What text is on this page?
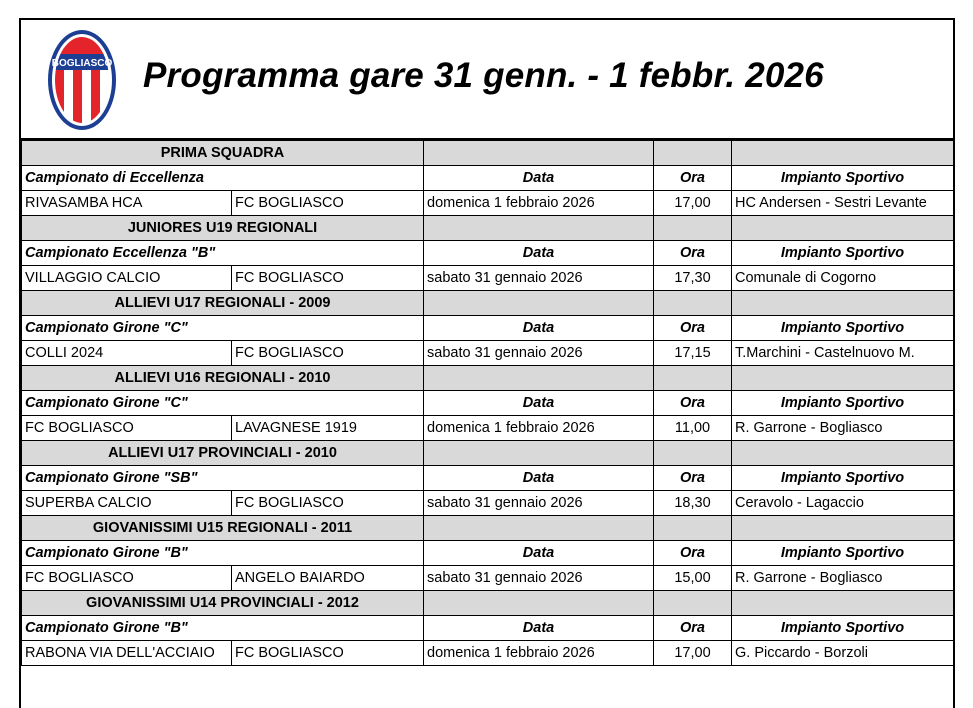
BOGLIASCO Programma gare 31 genn. - 1 febbr. 2026
PRIMA SQUADRA				
Campionato di Eccellenza		Data	Ora	Impianto Sportivo
RIVASAMBA HCA	FC BOGLIASCO	domenica 1 febbraio 2026	17,00	HC Andersen - Sestri Levante
JUNIORES U19 REGIONALI				
Campionato Eccellenza "B"		Data	Ora	Impianto Sportivo
VILLAGGIO CALCIO	FC BOGLIASCO	sabato 31 gennaio 2026	17,30	Comunale di Cogorno
ALLIEVI U17 REGIONALI - 2009				
Campionato Girone "C"		Data	Ora	Impianto Sportivo
COLLI 2024	FC BOGLIASCO	sabato 31 gennaio 2026	17,15	T.Marchini - Castelnuovo M.
ALLIEVI U16 REGIONALI - 2010				
Campionato Girone "C"		Data	Ora	Impianto Sportivo
FC BOGLIASCO	LAVAGNESE 1919	domenica 1 febbraio 2026	11,00	R. Garrone - Bogliasco
ALLIEVI U17 PROVINCIALI - 2010				
Campionato Girone "SB"		Data	Ora	Impianto Sportivo
SUPERBA CALCIO	FC BOGLIASCO	sabato 31 gennaio 2026	18,30	Ceravolo - Lagaccio
GIOVANISSIMI U15 REGIONALI - 2011				
Campionato Girone "B"		Data	Ora	Impianto Sportivo
FC BOGLIASCO	ANGELO BAIARDO	sabato 31 gennaio 2026	15,00	R. Garrone - Bogliasco
GIOVANISSIMI U14 PROVINCIALI - 2012				
Campionato Girone "B"		Data	Ora	Impianto Sportivo
RABONA VIA DELL'ACCIAIO	FC BOGLIASCO	domenica 1 febbraio 2026	17,00	G. Piccardo - Borzoli
